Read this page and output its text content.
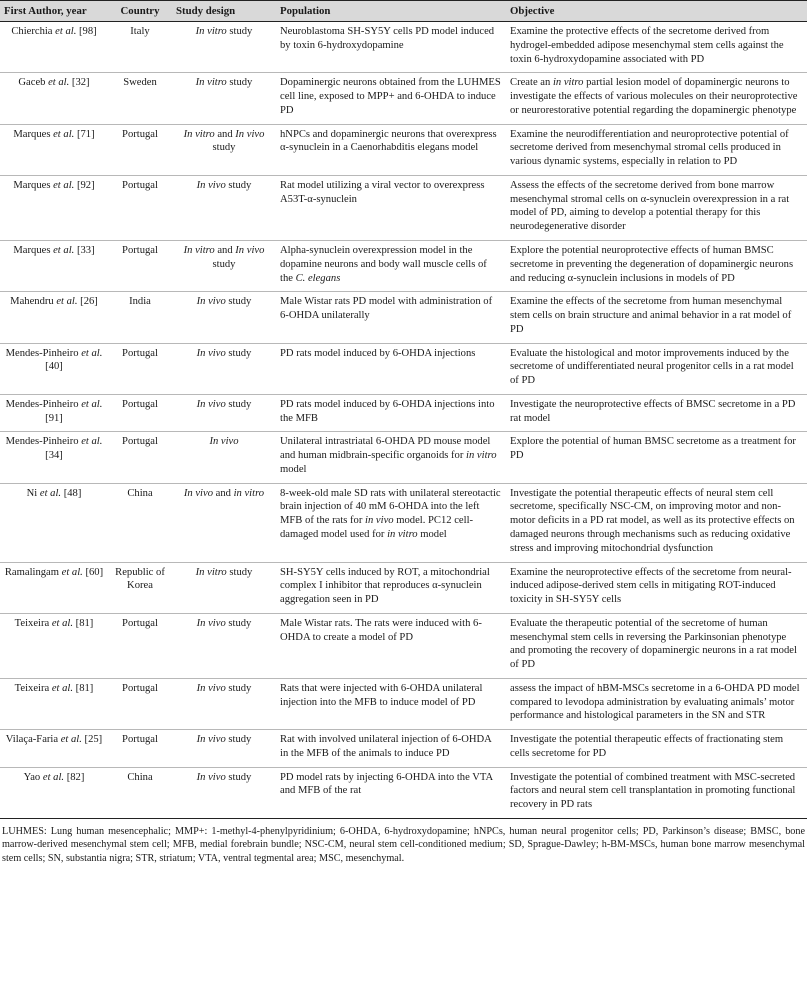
First Author, year	Country	Study design	Population	Objective
Chierchia et al. [98]	Italy	In vitro study	Neuroblastoma SH-SY5Y cells PD model induced by toxin 6-hydroxydopamine	Examine the protective effects of the secretome derived from hydrogel-embedded adipose mesenchymal stem cells against the toxin 6-hydroxydopamine associated with PD
Gaceb et al. [32]	Sweden	In vitro study	Dopaminergic neurons obtained from the LUHMES cell line, exposed to MPP+ and 6-OHDA to induce PD	Create an in vitro partial lesion model of dopaminergic neurons to investigate the effects of various molecules on their neuroprotective or neurorestorative potential regarding the dopaminergic phenotype
Marques et al. [71]	Portugal	In vitro and In vivo study	hNPCs and dopaminergic neurons that overexpress α-synuclein in a Caenorhabditis elegans model	Examine the neurodifferentiation and neuroprotective potential of secretome derived from mesenchymal stromal cells produced in various dynamic systems, especially in relation to PD
Marques et al. [92]	Portugal	In vivo study	Rat model utilizing a viral vector to overexpress A53T-α-synuclein	Assess the effects of the secretome derived from bone marrow mesenchymal stromal cells on α-synuclein overexpression in a rat model of PD, aiming to develop a potential therapy for this neurodegenerative disorder
Marques et al. [33]	Portugal	In vitro and In vivo study	Alpha-synuclein overexpression model in the dopamine neurons and body wall muscle cells of the C. elegans	Explore the potential neuroprotective effects of human BMSC secretome in preventing the degeneration of dopaminergic neurons and reducing α-synuclein inclusions in models of PD
Mahendru et al. [26]	India	In vivo study	Male Wistar rats PD model with administration of 6-OHDA unilaterally	Examine the effects of the secretome from human mesenchymal stem cells on brain structure and animal behavior in a rat model of PD
Mendes-Pinheiro et al. [40]	Portugal	In vivo study	PD rats model induced by 6-OHDA injections	Evaluate the histological and motor improvements induced by the secretome of undifferentiated neural progenitor cells in a rat model of PD
Mendes-Pinheiro et al. [91]	Portugal	In vivo study	PD rats model induced by 6-OHDA injections into the MFB	Investigate the neuroprotective effects of BMSC secretome in a PD rat model
Mendes-Pinheiro et al. [34]	Portugal	In vivo	Unilateral intrastriatal 6-OHDA PD mouse model and human midbrain-specific organoids for in vitro model	Explore the potential of human BMSC secretome as a treatment for PD
Ni et al. [48]	China	In vivo and in vitro	8-week-old male SD rats with unilateral stereotactic brain injection of 40 mM 6-OHDA into the left MFB of the rats for in vivo model. PC12 cell-damaged model used for in vitro model	Investigate the potential therapeutic effects of neural stem cell secretome, specifically NSC-CM, on improving motor and non-motor deficits in a PD rat model, as well as its protective effects on damaged neurons through mechanisms such as reducing oxidative stress and improving mitochondrial dysfunction
Ramalingam et al. [60]	Republic of Korea	In vitro study	SH-SY5Y cells induced by ROT, a mitochondrial complex I inhibitor that reproduces α-synuclein aggregation seen in PD	Examine the neuroprotective effects of the secretome from neural-induced adipose-derived stem cells in mitigating ROT-induced toxicity in SH-SY5Y cells
Teixeira et al. [81]	Portugal	In vivo study	Male Wistar rats. The rats were induced with 6-OHDA to create a model of PD	Evaluate the therapeutic potential of the secretome of human mesenchymal stem cells in reversing the Parkinsonian phenotype and promoting the recovery of dopaminergic neurons in a rat model of PD
Teixeira et al. [81]	Portugal	In vivo study	Rats that were injected with 6-OHDA unilateral injection into the MFB to induce model of PD	assess the impact of hBM-MSCs secretome in a 6-OHDA PD model compared to levodopa administration by evaluating animals’ motor performance and histological parameters in the SN and STR
Vilaça-Faria et al. [25]	Portugal	In vivo study	Rat with involved unilateral injection of 6-OHDA in the MFB of the animals to induce PD	Investigate the potential therapeutic effects of fractionating stem cells secretome for PD
Yao et al. [82]	China	In vivo study	PD model rats by injecting 6-OHDA into the VTA and MFB of the rat	Investigate the potential of combined treatment with MSC-secreted factors and neural stem cell transplantation in promoting functional recovery in PD rats
LUHMES: Lung human mesencephalic; MMP+: 1-methyl-4-phenylpyridinium; 6-OHDA, 6-hydroxydopamine; hNPCs, human neural progenitor cells; PD, Parkinson’s disease; BMSC, bone marrow-derived mesenchymal stem cell; MFB, medial forebrain bundle; NSC-CM, neural stem cell-conditioned medium; SD, Sprague-Dawley; h-BM-MSCs, human bone marrow mesenchymal stem cells; SN, substantia nigra; STR, striatum; VTA, ventral tegmental area; MSC, mesenchymal.
